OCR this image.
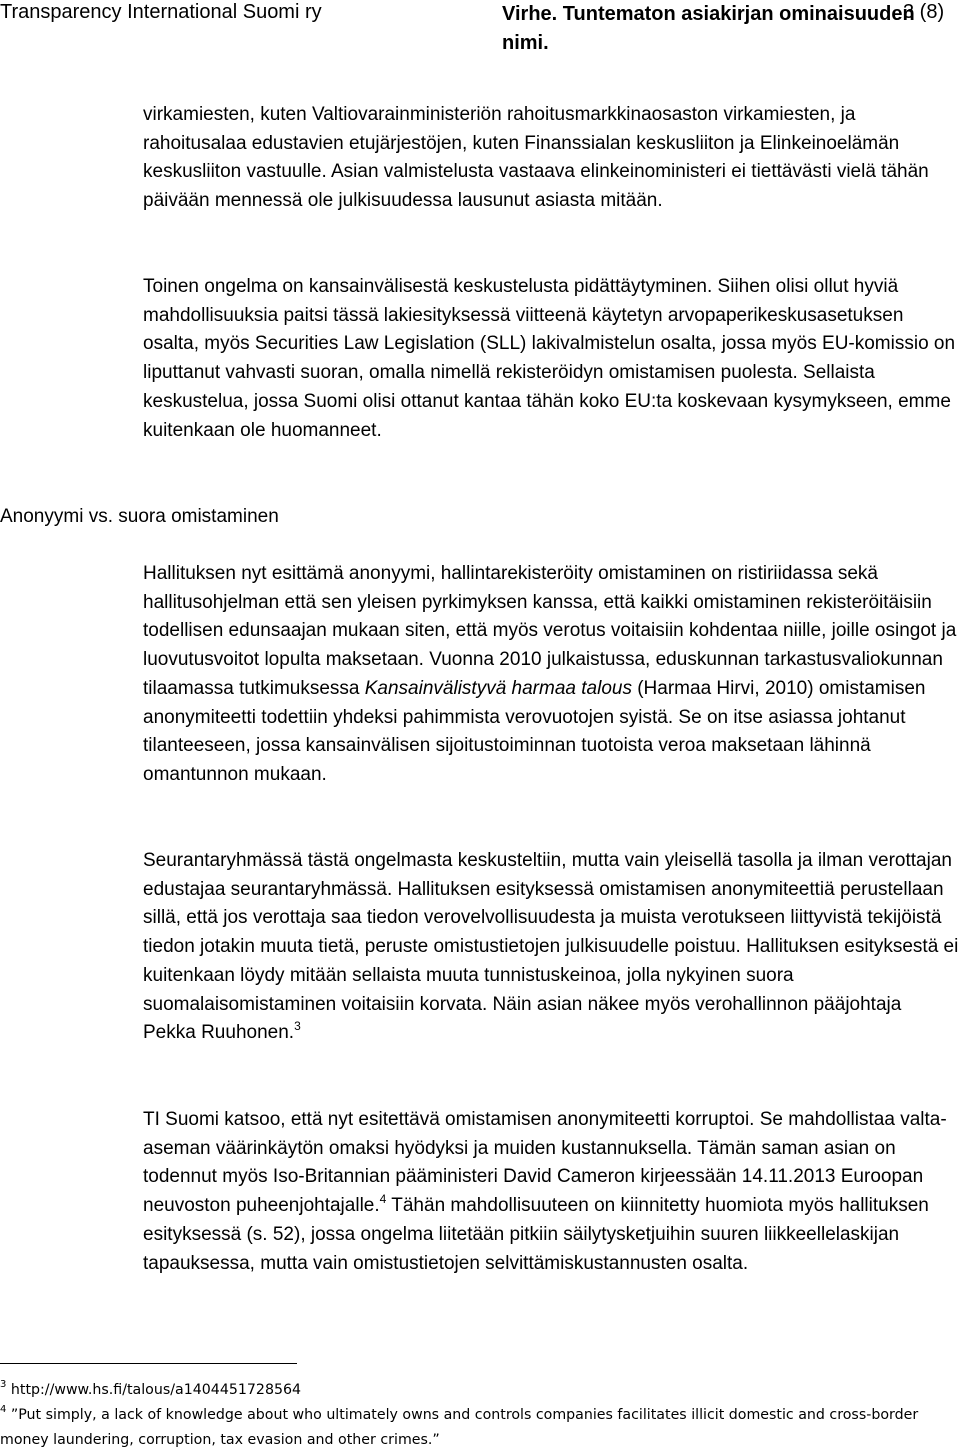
Transparency International Suomi ry	Virhe. Tuntematon asiakirjan ominaisuuden nimi.
3 (8)

virkamiesten, kuten Valtiovarainministeriön rahoitusmarkkinaosaston virkamiesten, ja rahoitusalaa edustavien etujärjestöjen, kuten Finanssialan keskusliiton ja Elinkeinoelämän keskusliiton vastuulle. Asian valmistelusta vastaava elinkeinoministeri ei tiettävästi vielä tähän päivään mennessä ole julkisuudessa lausunut asiasta mitään.

Toinen ongelma on kansainvälisestä keskustelusta pidättäytyminen. Siihen olisi ollut hyviä mahdollisuuksia paitsi tässä lakiesityksessä viitteenä käytetyn arvopaperikeskusasetuksen osalta, myös Securities Law Legislation (SLL) lakivalmistelun osalta, jossa myös EU-komissio on liputtanut vahvasti suoran, omalla nimellä rekisteröidyn omistamisen puolesta. Sellaista keskustelua, jossa Suomi olisi ottanut kantaa tähän koko EU:ta koskevaan kysymykseen, emme kuitenkaan ole huomanneet.

Anonyymi vs. suora omistaminen

Hallituksen nyt esittämä anonyymi, hallintarekisteröity omistaminen on ristiriidassa sekä hallitusohjelman että sen yleisen pyrkimyksen kanssa, että kaikki omistaminen rekisteröitäisiin todellisen edunsaajan mukaan siten, että myös verotus voitaisiin kohdentaa niille, joille osingot ja luovutusvoitot lopulta maksetaan. Vuonna 2010 julkaistussa, eduskunnan tarkastusvaliokunnan tilaamassa tutkimuksessa Kansainvälistyvä harmaa talous (Harmaa Hirvi, 2010) omistamisen anonymiteetti todettiin yhdeksi pahimmista verovuotojen syistä. Se on itse asiassa johtanut tilanteeseen, jossa kansainvälisen sijoitustoiminnan tuotoista veroa maksetaan lähinnä omantunnon mukaan.

Seurantaryhmässä tästä ongelmasta keskusteltiin, mutta vain yleisellä tasolla ja ilman verottajan edustajaa seurantaryhmässä. Hallituksen esityksessä omistamisen anonymiteettiä perustellaan sillä, että jos verottaja saa tiedon verovelvollisuudesta ja muista verotukseen liittyvistä tekijöistä tiedon jotakin muuta tietä, peruste omistustietojen julkisuudelle poistuu. Hallituksen esityksestä ei kuitenkaan löydy mitään sellaista muuta tunnistuskeinoa, jolla nykyinen suora suomalaisomistaminen voitaisiin korvata. Näin asian näkee myös verohallinnon pääjohtaja Pekka Ruuhonen.$^3$

TI Suomi katsoo, että nyt esitettävä omistamisen anonymiteetti korruptoi. Se mahdollistaa valta-aseman väärinkäytön omaksi hyödyksi ja muiden kustannuksella. Tämän saman asian on todennut myös Iso-Britannian pääministeri David Cameron kirjeessään 14.11.2013 Euroopan neuvoston puheenjohtajalle.$^4$ Tähän mahdollisuuteen on kiinnitetty huomiota myös hallituksen esityksessä (s. 52), jossa ongelma liitetään pitkiin säilytysketjuihin suuren liikkeellelaskijan tapauksessa, mutta vain omistustietojen selvittämiskustannusten osalta.

$^3$ http://www.hs.fi/talous/a1404451728564

$^4$ ”Put simply, a lack of knowledge about who ultimately owns and controls companies facilitates illicit domestic and cross-border money laundering, corruption, tax evasion and other crimes.”
